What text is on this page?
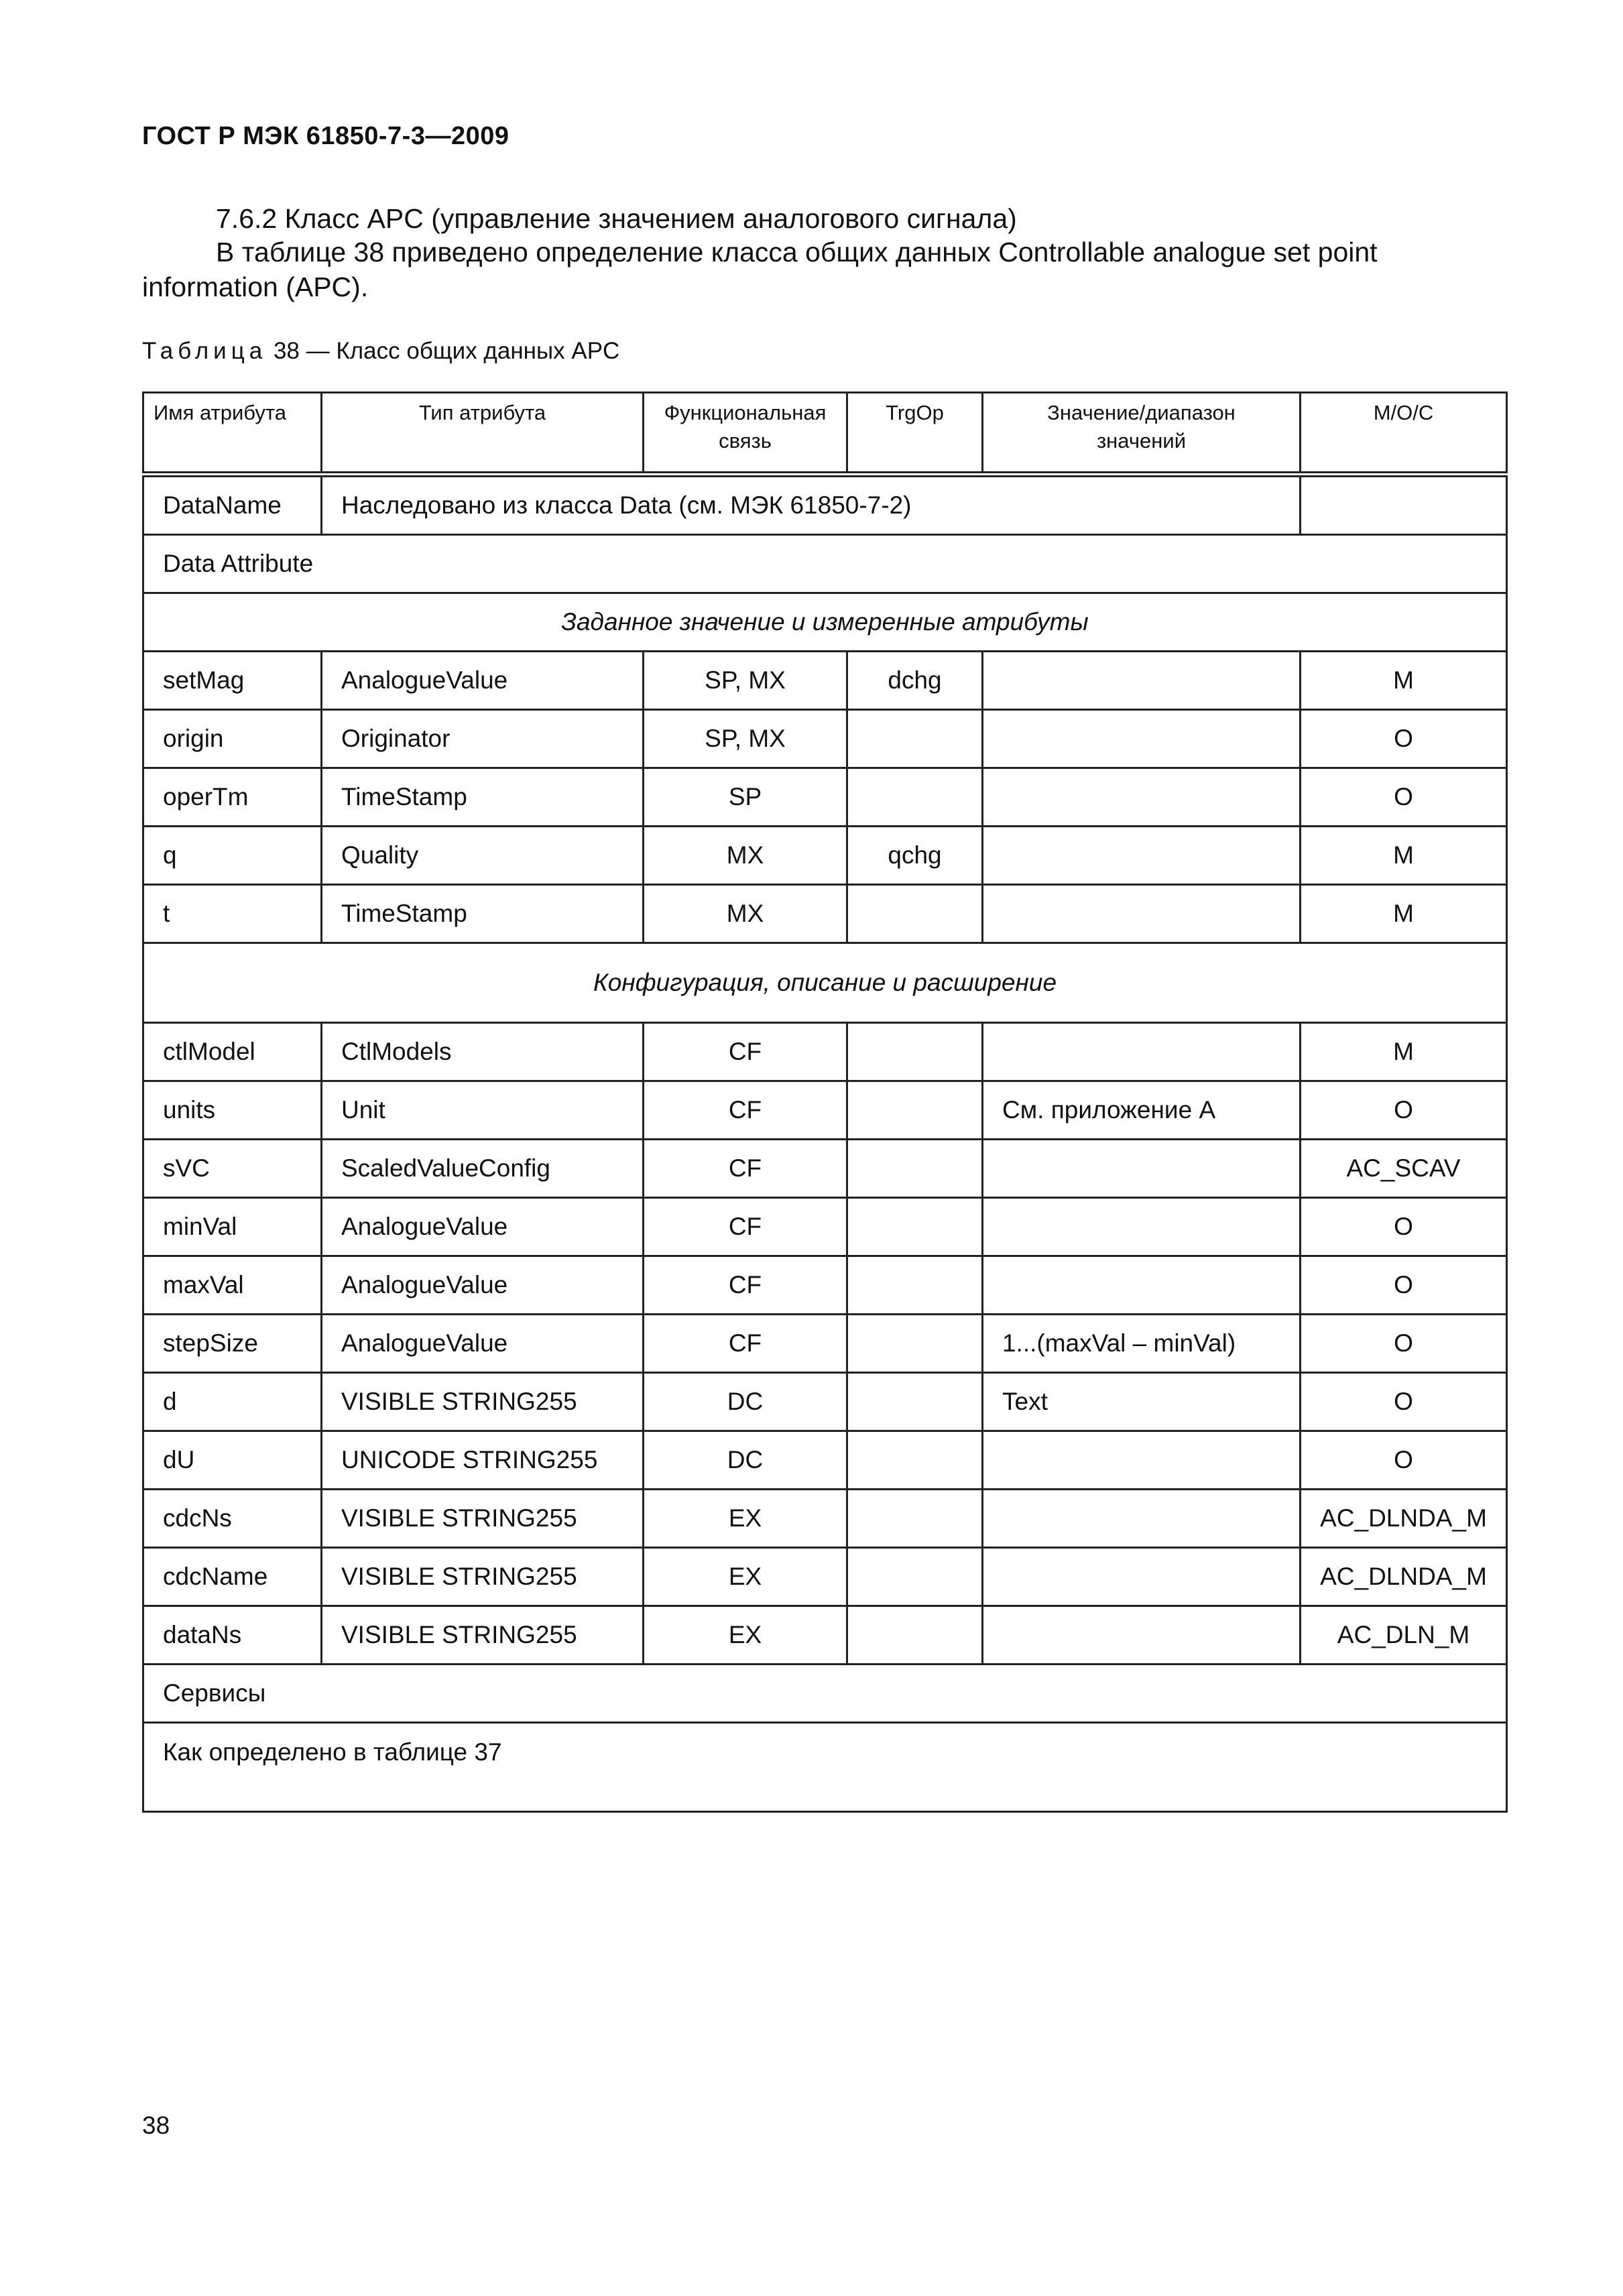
ГОСТ Р МЭК 61850-7-3—2009
7.6.2 Класс APC (управление значением аналогового сигнала)
В таблице 38 приведено определение класса общих данных Controllable analogue set point information (APC).
Таблица 38 — Класс общих данных APC
Имя атрибута	Тип атрибута	Функциональная связь	TrgOp	Значение/диапазон значений	M/O/C
DataName	Наследовано из класса Data (см. МЭК 61850-7-2)				
Data Attribute					
Заданное значение и измеренные атрибуты					
setMag	AnalogueValue	SP, MX	dchg		M
origin	Originator	SP, MX			O
operTm	TimeStamp	SP			O
q	Quality	MX	qchg		M
t	TimeStamp	MX			M
Конфигурация, описание и расширение					
ctlModel	CtlModels	CF			M
units	Unit	CF		См. приложение А	O
sVC	ScaledValueConfig	CF			AC_SCAV
minVal	AnalogueValue	CF			O
maxVal	AnalogueValue	CF			O
stepSize	AnalogueValue	CF		1...(maxVal – minVal)	O
d	VISIBLE STRING255	DC		Text	O
dU	UNICODE STRING255	DC			O
cdcNs	VISIBLE STRING255	EX			AC_DLNDA_M
cdcName	VISIBLE STRING255	EX			AC_DLNDA_M
dataNs	VISIBLE STRING255	EX			AC_DLN_M
Сервисы					
Как определено в таблице 37					
38
